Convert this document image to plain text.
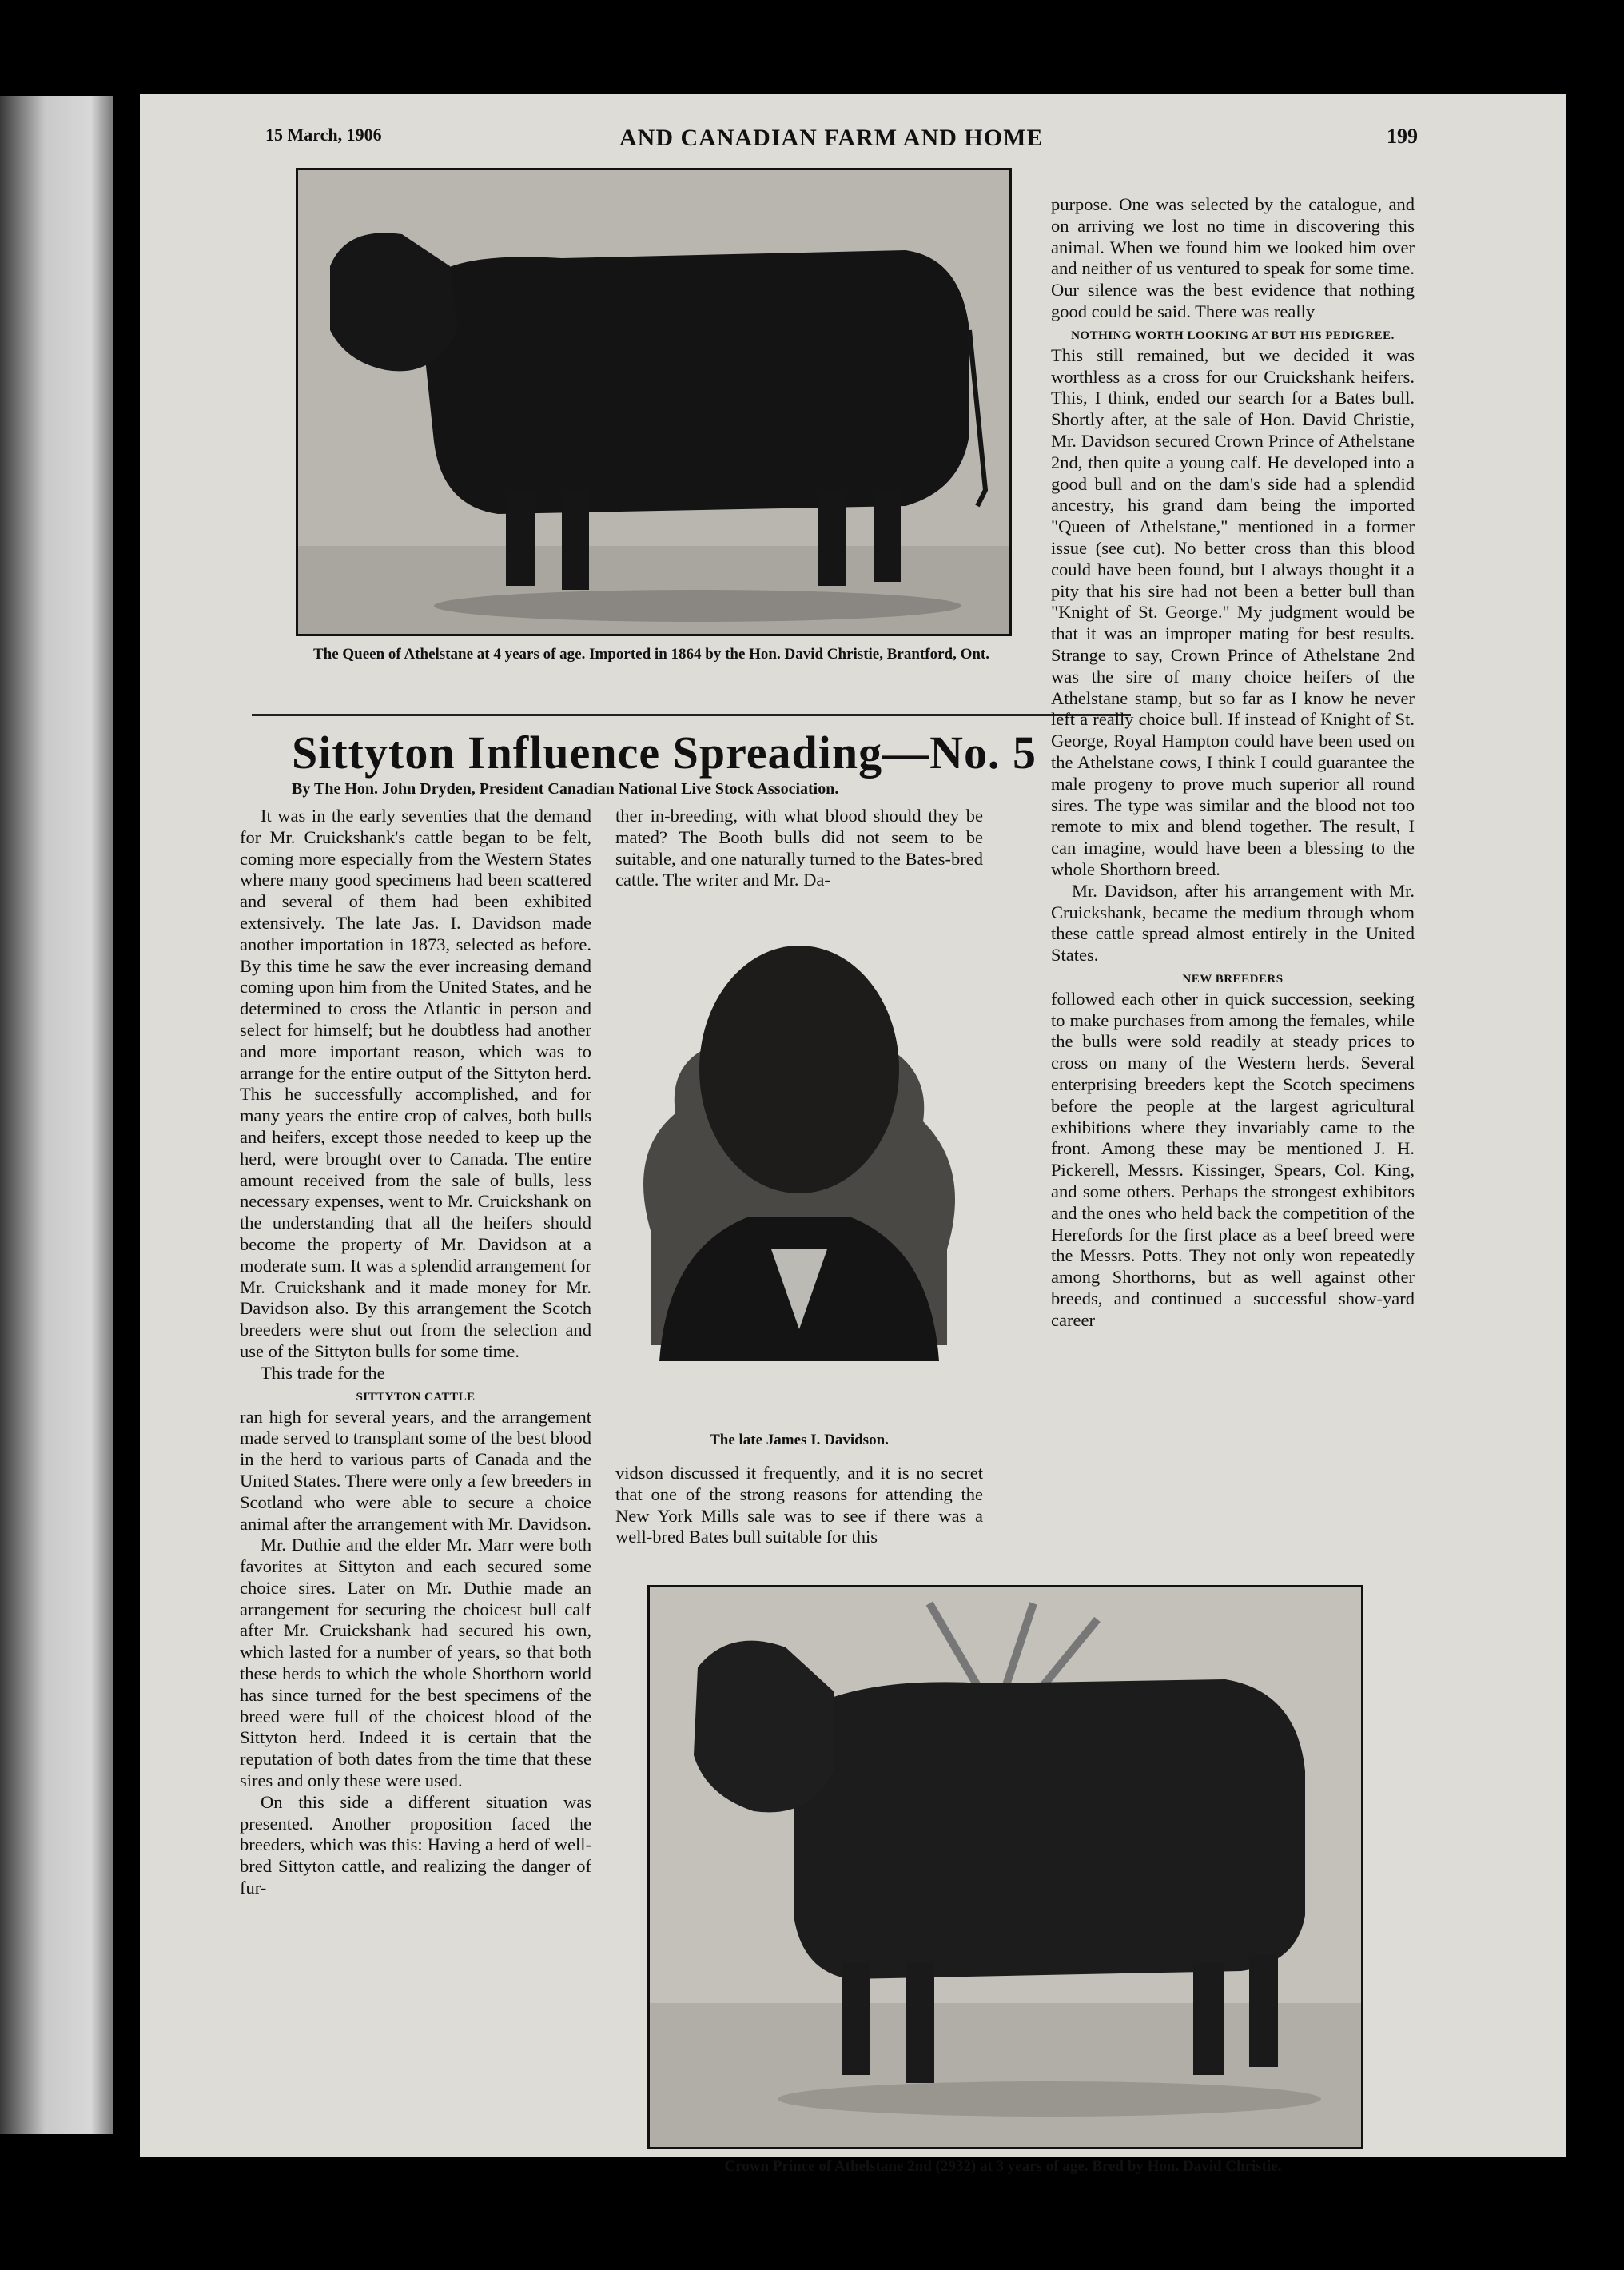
15 March, 1906	AND CANADIAN FARM AND HOME	199
The Queen of Athelstane at 4 years of age. Imported in 1864 by the Hon. David Christie, Brantford, Ont.
Sittyton Influence Spreading—No. 5
By The Hon. John Dryden, President Canadian National Live Stock Association.

It was in the early seventies that the demand for Mr. Cruickshank's cattle began to be felt, coming more especially from the Western States where many good specimens had been scattered and several of them had been exhibited extensively. The late Jas. I. Davidson made another importation in 1873, selected as before. By this time he saw the ever increasing demand coming upon him from the United States, and he determined to cross the Atlantic in person and select for himself; but he doubtless had another and more important reason, which was to arrange for the entire output of the Sittyton herd. This he successfully accomplished, and for many years the entire crop of calves, both bulls and heifers, except those needed to keep up the herd, were brought over to Canada. The entire amount received from the sale of bulls, less necessary expenses, went to Mr. Cruickshank on the understanding that all the heifers should become the property of Mr. Davidson at a moderate sum. It was a splendid arrangement for Mr. Cruickshank and it made money for Mr. Davidson also. By this arrangement the Scotch breeders were shut out from the selection and use of the Sittyton bulls for some time.

This trade for the

SITTYTON CATTLE

ran high for several years, and the arrangement made served to transplant some of the best blood in the herd to various parts of Canada and the United States. There were only a few breeders in Scotland who were able to secure a choice animal after the arrangement with Mr. Davidson.

Mr. Duthie and the elder Mr. Marr were both favorites at Sittyton and each secured some choice sires. Later on Mr. Duthie made an arrangement for securing the choicest bull calf after Mr. Cruickshank had secured his own, which lasted for a number of years, so that both these herds to which the whole Shorthorn world has since turned for the best specimens of the breed were full of the choicest blood of the Sittyton herd. Indeed it is certain that the reputation of both dates from the time that these sires and only these were used.

On this side a different situation was presented. Another proposition faced the breeders, which was this: Having a herd of well-bred Sittyton cattle, and realizing the danger of fur-

ther in-breeding, with what blood should they be mated? The Booth bulls did not seem to be suitable, and one naturally turned to the Bates-bred cattle. The writer and Mr. Da-

The late James I. Davidson.

vidson discussed it frequently, and it is no secret that one of the strong reasons for attending the New York Mills sale was to see if there was a well-bred Bates bull suitable for this

purpose. One was selected by the catalogue, and on arriving we lost no time in discovering this animal. When we found him we looked him over and neither of us ventured to speak for some time. Our silence was the best evidence that nothing good could be said. There was really

NOTHING WORTH LOOKING AT BUT HIS PEDIGREE.

This still remained, but we decided it was worthless as a cross for our Cruickshank heifers. This, I think, ended our search for a Bates bull. Shortly after, at the sale of Hon. David Christie, Mr. Davidson secured Crown Prince of Athelstane 2nd, then quite a young calf. He developed into a good bull and on the dam's side had a splendid ancestry, his grand dam being the imported "Queen of Athelstane," mentioned in a former issue (see cut). No better cross than this blood could have been found, but I always thought it a pity that his sire had not been a better bull than "Knight of St. George." My judgment would be that it was an improper mating for best results. Strange to say, Crown Prince of Athelstane 2nd was the sire of many choice heifers of the Athelstane stamp, but so far as I know he never left a really choice bull. If instead of Knight of St. George, Royal Hampton could have been used on the Athelstane cows, I think I could guarantee the male progeny to prove much superior all round sires. The type was similar and the blood not too remote to mix and blend together. The result, I can imagine, would have been a blessing to the whole Shorthorn breed.

Mr. Davidson, after his arrangement with Mr. Cruickshank, became the medium through whom these cattle spread almost entirely in the United States.

NEW BREEDERS

followed each other in quick succession, seeking to make purchases from among the females, while the bulls were sold readily at steady prices to cross on many of the Western herds. Several enterprising breeders kept the Scotch specimens before the people at the largest agricultural exhibitions where they invariably came to the front. Among these may be mentioned J. H. Pickerell, Messrs. Kissinger, Spears, Col. King, and some others. Perhaps the strongest exhibitors and the ones who held back the competition of the Herefords for the first place as a beef breed were the Messrs. Potts. They not only won repeatedly among Shorthorns, but as well against other breeds, and continued a successful show-yard career

Crown Prince of Athelstane 2nd (2932) at 3 years of age. Bred by Hon. David Christie.
